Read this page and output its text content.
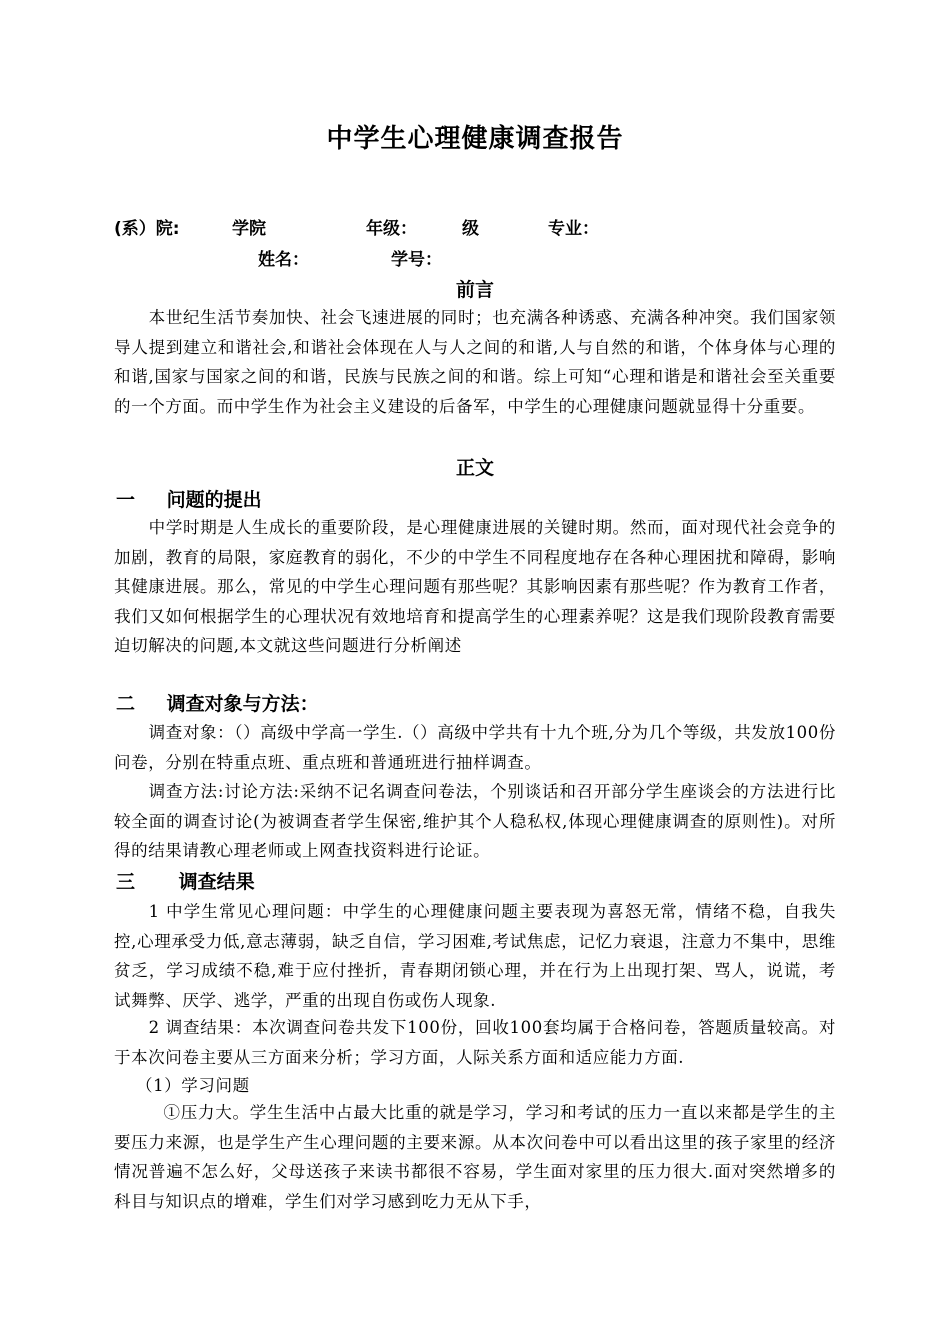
中学生心理健康调查报告
(系）院:	学院	年级：	级	专业：
姓名：	学号：
前言
本世纪生活节奏加快、社会飞速进展的同时；也充满各种诱惑、充满各种冲突。我们国家领导人提到建立和谐社会,和谐社会体现在人与人之间的和谐,人与自然的和谐，个体身体与心理的和谐,国家与国家之间的和谐，民族与民族之间的和谐。综上可知“心理和谐是和谐社会至关重要的一个方面。而中学生作为社会主义建设的后备军，中学生的心理健康问题就显得十分重要。
正文
一 问题的提出
中学时期是人生成长的重要阶段，是心理健康进展的关键时期。然而，面对现代社会竞争的加剧，教育的局限，家庭教育的弱化，不少的中学生不同程度地存在各种心理困扰和障碍，影响其健康进展。那么，常见的中学生心理问题有那些呢？其影响因素有那些呢？作为教育工作者，我们又如何根据学生的心理状况有效地培育和提高学生的心理素养呢？这是我们现阶段教育需要迫切解决的问题,本文就这些问题进行分析阐述
二 调查对象与方法：
调查对象：（）高级中学高一学生.（）高级中学共有十九个班,分为几个等级，共发放100份问卷，分别在特重点班、重点班和普通班进行抽样调查。
调查方法:讨论方法:采纳不记名调查问卷法，个别谈话和召开部分学生座谈会的方法进行比较全面的调查讨论(为被调查者学生保密,维护其个人稳私权,体现心理健康调查的原则性)。对所得的结果请教心理老师或上网查找资料进行论证。
三 调查结果
1 中学生常见心理问题：中学生的心理健康问题主要表现为喜怒无常，情绪不稳，自我失控,心理承受力低,意志薄弱，缺乏自信，学习困难,考试焦虑，记忆力衰退，注意力不集中，思维贫乏，学习成绩不稳,难于应付挫折，青春期闭锁心理，并在行为上出现打架、骂人，说谎，考试舞弊、厌学、逃学，严重的出现自伤或伤人现象.
2 调查结果：本次调查问卷共发下100份，回收100套均属于合格问卷，答题质量较高。对于本次问卷主要从三方面来分析；学习方面，人际关系方面和适应能力方面.
（1）学习问题
①压力大。学生生活中占最大比重的就是学习，学习和考试的压力一直以来都是学生的主要压力来源，也是学生产生心理问题的主要来源。从本次问卷中可以看出这里的孩子家里的经济情况普遍不怎么好，父母送孩子来读书都很不容易，学生面对家里的压力很大.面对突然增多的科目与知识点的增难，学生们对学习感到吃力无从下手，
